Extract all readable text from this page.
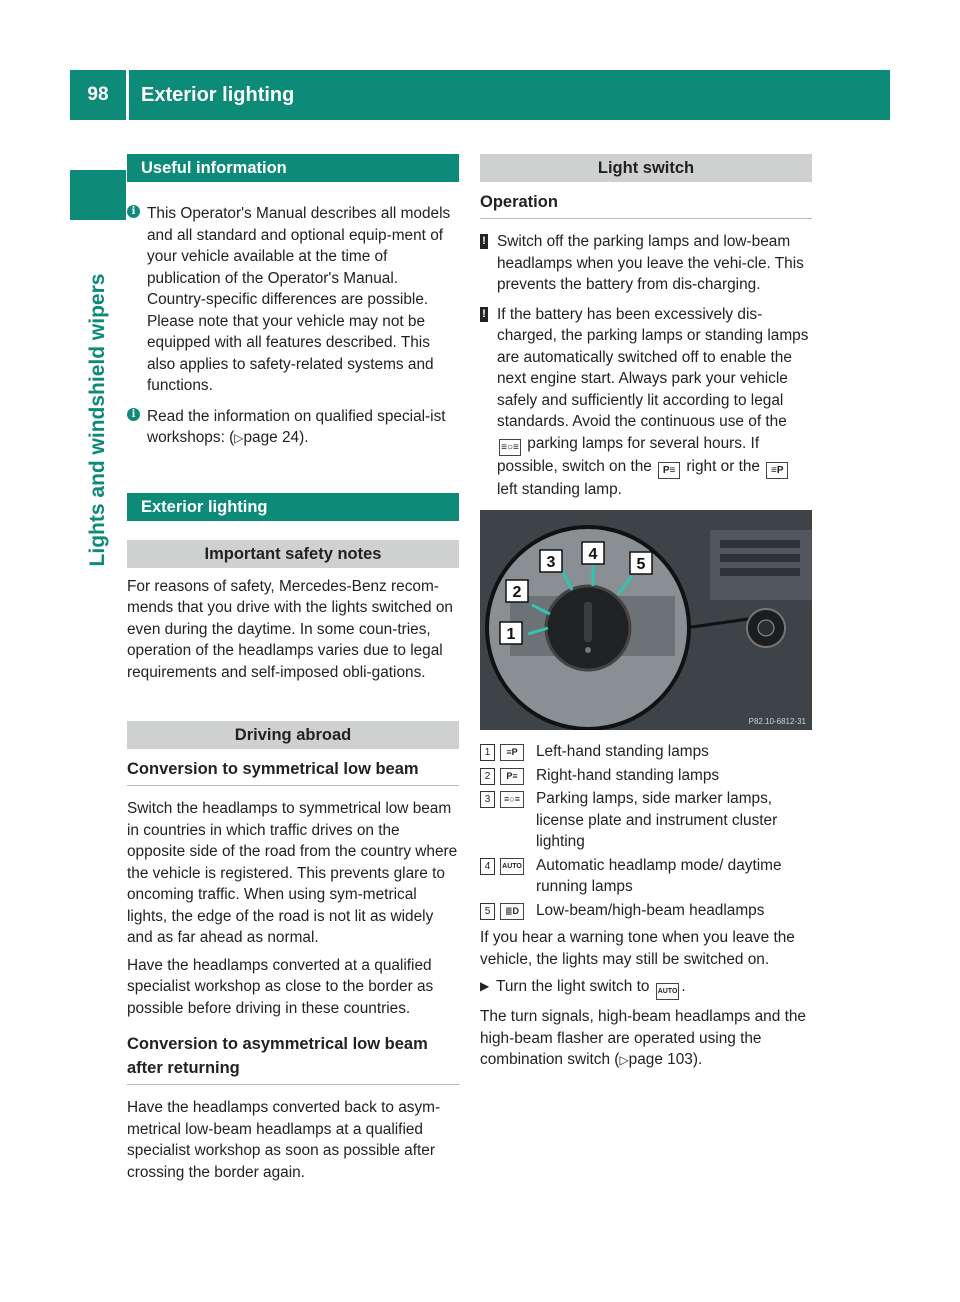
98	Exterior lighting
Lights and windshield wipers
Useful information
i This Operator's Manual describes all models and all standard and optional equip-ment of your vehicle available at the time of publication of the Operator's Manual. Country-specific differences are possible. Please note that your vehicle may not be equipped with all features described. This also applies to safety-related systems and functions.

i Read the information on qualified special-ist workshops: (▷page 24).

Exterior lighting
Important safety notes

For reasons of safety, Mercedes-Benz recom-mends that you drive with the lights switched on even during the daytime. In some coun-tries, operation of the headlamps varies due to legal requirements and self-imposed obli-gations.

Driving abroad
Conversion to symmetrical low beam

Switch the headlamps to symmetrical low beam in countries in which traffic drives on the opposite side of the road from the country where the vehicle is registered. This prevents glare to oncoming traffic. When using sym-metrical lights, the edge of the road is not lit as widely and as far ahead as normal.

Have the headlamps converted at a qualified specialist workshop as close to the border as possible before driving in these countries.

Conversion to asymmetrical low beam after returning

Have the headlamps converted back to asym-metrical low-beam headlamps at a qualified specialist workshop as soon as possible after crossing the border again.

Light switch
Operation
! Switch off the parking lamps and low-beam headlamps when you leave the vehi-cle. This prevents the battery from dis-charging.

! If the battery has been excessively dis-charged, the parking lamps or standing lamps are automatically switched off to enable the next engine start. Always park your vehicle safely and sufficiently lit according to legal standards. Avoid the continuous use of the ≡○≡ parking lamps for several hours. If possible, switch on the P≡ right or the ≡P left standing lamp.

1
2
3 4
5
P82.10-6812-31
1	≡P	Left-hand standing lamps
2	P≡	Right-hand standing lamps
3	≡○≡ Parking lamps, side marker lamps, license plate and instrument cluster lighting
4	AUTO Automatic headlamp mode/ daytime running lamps
5	≣D	Low-beam/high-beam headlamps

If you hear a warning tone when you leave the vehicle, the lights may still be switched on.

▶ Turn the light switch to AUTO .

The turn signals, high-beam headlamps and the high-beam flasher are operated using the combination switch (▷page 103).
